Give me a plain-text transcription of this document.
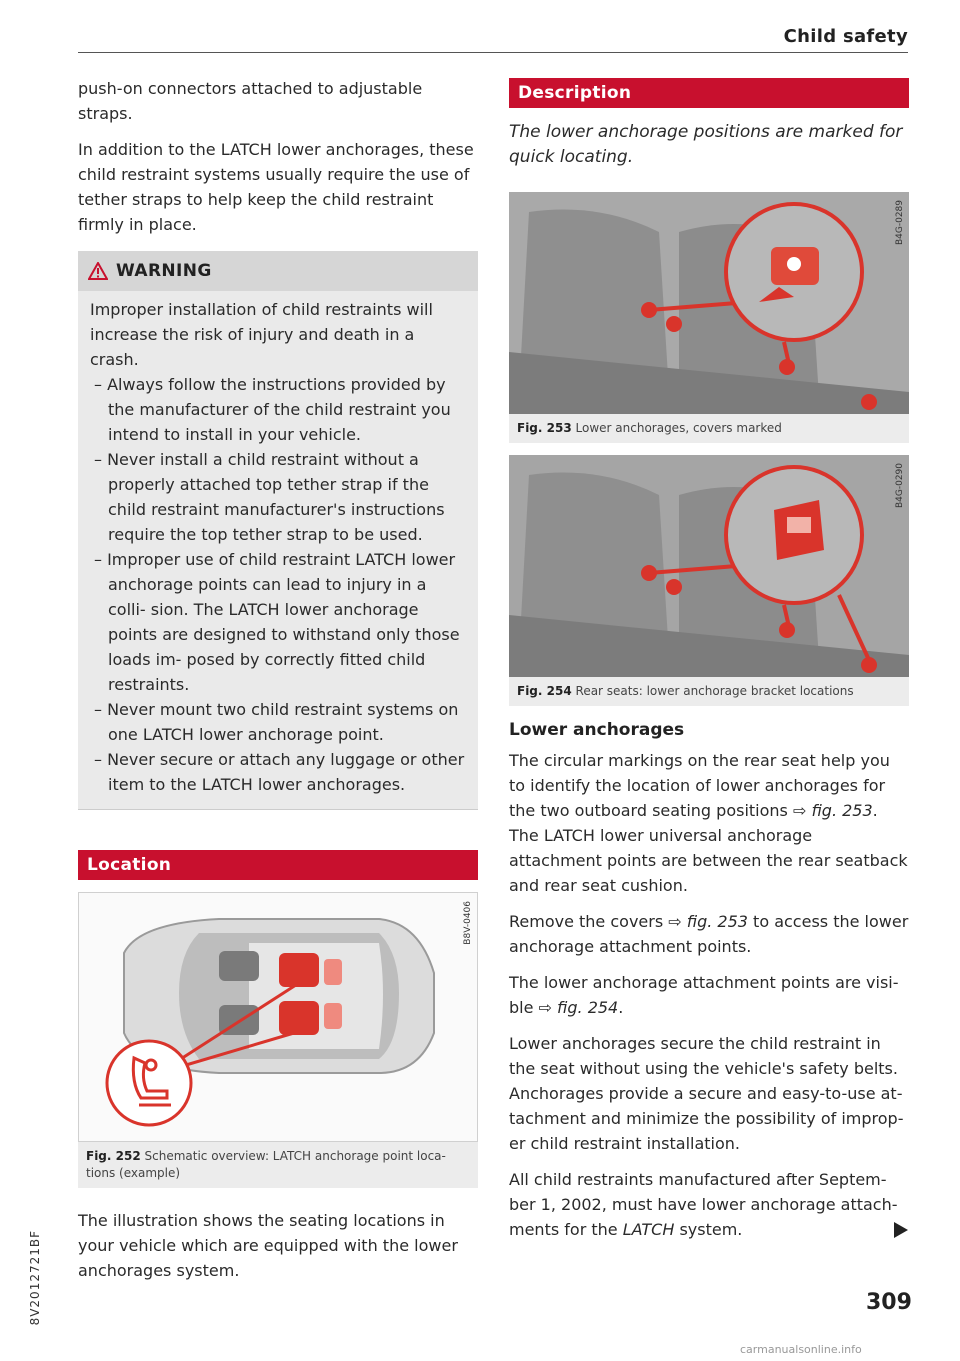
Child safety

push-on connectors attached to adjustable straps.

In addition to the LATCH lower anchorages, these child restraint systems usually require the use of tether straps to help keep the child restraint firmly in place.

WARNING

Improper installation of child restraints will increase the risk of injury and death in a crash.

– Always follow the instructions provided by the manufacturer of the child restraint you intend to install in your vehicle.

– Never install a child restraint without a properly attached top tether strap if the child restraint manufacturer's instructions require the top tether strap to be used.

– Improper use of child restraint LATCH lower anchorage points can lead to injury in a colli- sion. The LATCH lower anchorage points are designed to withstand only those loads im- posed by correctly fitted child restraints.

– Never mount two child restraint systems on one LATCH lower anchorage point.

– Never secure or attach any luggage or other item to the LATCH lower anchorages.

Location
B8V-0406
Fig. 252 Schematic overview: LATCH anchorage point loca- tions (example)

The illustration shows the seating locations in your vehicle which are equipped with the lower anchorages system.

Description

The lower anchorage positions are marked for quick locating.

B4G-0289
Fig. 253 Lower anchorages, covers marked
B4G-0290
Fig. 254 Rear seats: lower anchorage bracket locations
Lower anchorages

The circular markings on the rear seat help you to identify the location of lower anchorages for the two outboard seating positions ⇨ fig. 253. The LATCH lower universal anchorage attachment points are between the rear seatback and rear seat cushion.

Remove the covers ⇨ fig. 253 to access the lower anchorage attachment points.

The lower anchorage attachment points are visi- ble ⇨ fig. 254.

Lower anchorages secure the child restraint in the seat without using the vehicle's safety belts. Anchorages provide a secure and easy-to-use at- tachment and minimize the possibility of improp- er child restraint installation.

All child restraints manufactured after Septem- ber 1, 2002, must have lower anchorage attach- ments for the LATCH system.

309
8V2012721BF
carmanualsonline.info
